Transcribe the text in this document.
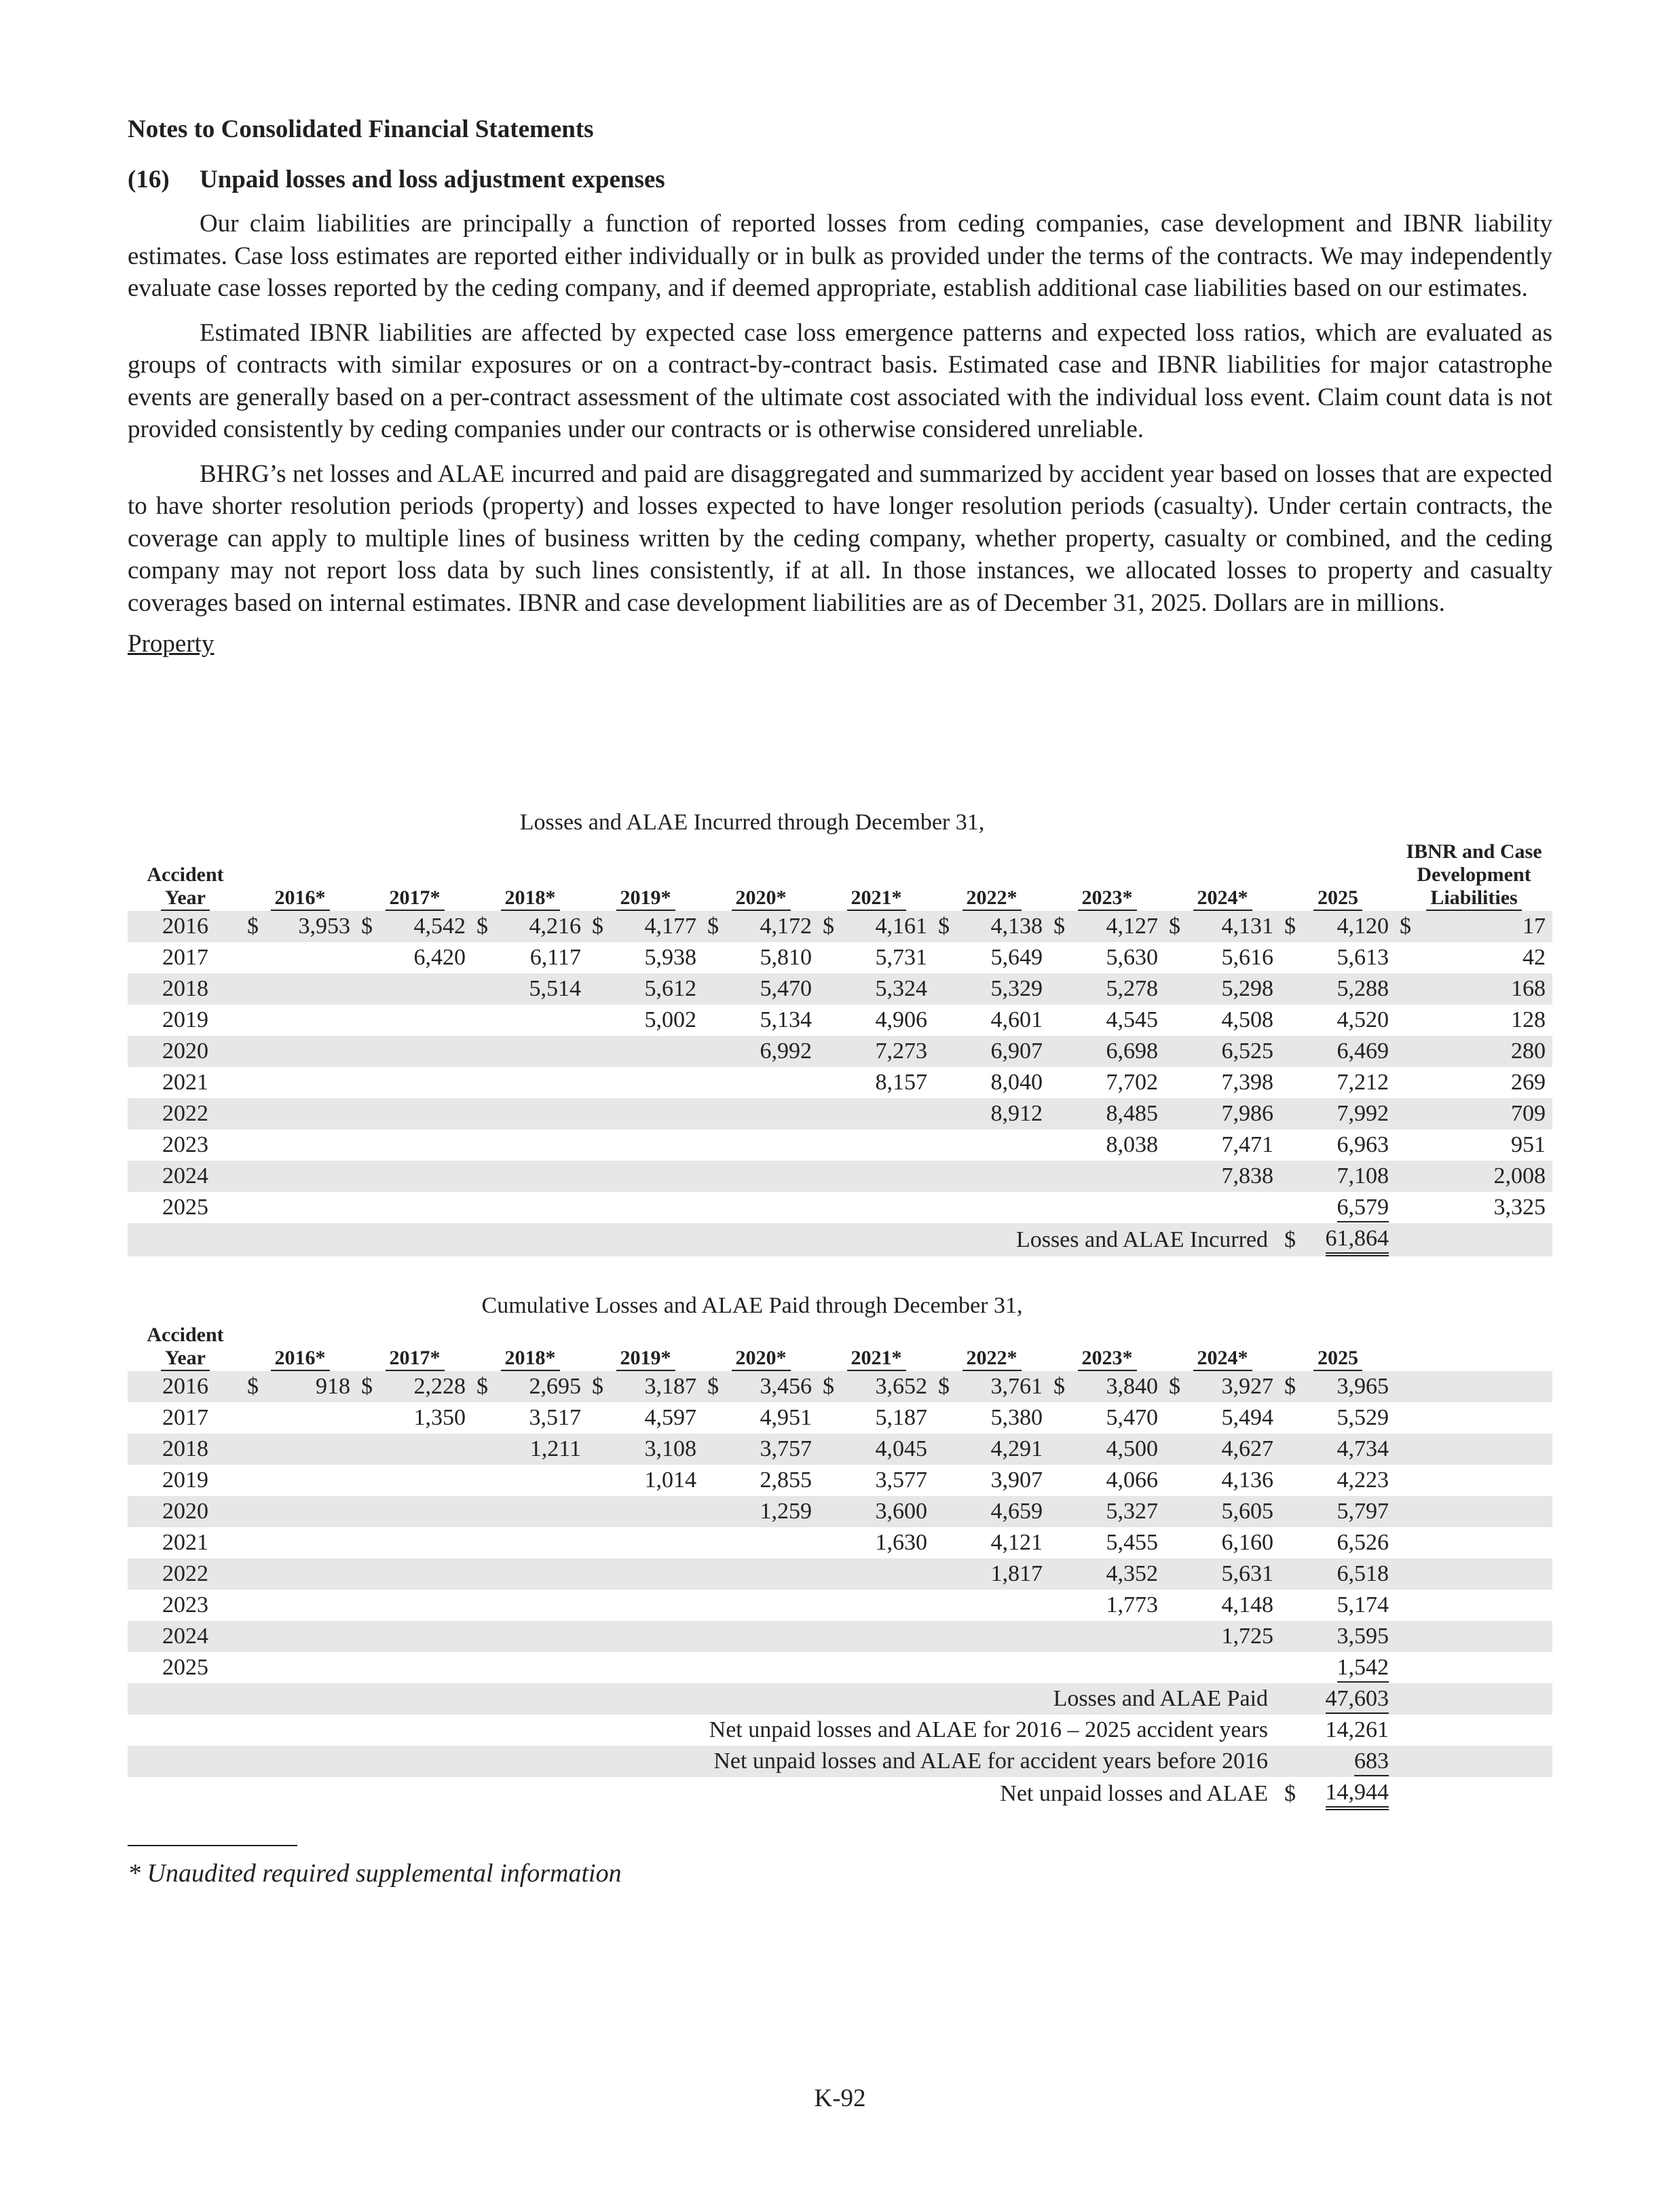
Notes to Consolidated Financial Statements

(16) Unpaid losses and loss adjustment expenses

Our claim liabilities are principally a function of reported losses from ceding companies, case development and IBNR liability estimates. Case loss estimates are reported either individually or in bulk as provided under the terms of the contracts. We may independently evaluate case losses reported by the ceding company, and if deemed appropriate, establish additional case liabilities based on our estimates.

Estimated IBNR liabilities are affected by expected case loss emergence patterns and expected loss ratios, which are evaluated as groups of contracts with similar exposures or on a contract-by-contract basis. Estimated case and IBNR liabilities for major catastrophe events are generally based on a per-contract assessment of the ultimate cost associated with the individual loss event. Claim count data is not provided consistently by ceding companies under our contracts or is otherwise considered unreliable.

BHRG’s net losses and ALAE incurred and paid are disaggregated and summarized by accident year based on losses that are expected to have shorter resolution periods (property) and losses expected to have longer resolution periods (casualty). Under certain contracts, the coverage can apply to multiple lines of business written by the ceding company, whether property, casualty or combined, and the ceding company may not report loss data by such lines consistently, if at all. In those instances, we allocated losses to property and casualty coverages based on internal estimates. IBNR and case development liabilities are as of December 31, 2025. Dollars are in millions.

Property
Losses and ALAE Incurred through December 31,
Accident
Year	2016*		2017*		2018*		2019*		2020*		2021*		2022*		2023*		2024*		2025		IBNR and Case
Development
Liabilities	
2016	$	3,953	$	4,542	$	4,216	$	4,177	$	4,172	$	4,161	$	4,138	$	4,127	$	4,131	$	4,120	$	17
2017				6,420		6,117		5,938		5,810		5,731		5,649		5,630		5,616		5,613		42
2018						5,514		5,612		5,470		5,324		5,329		5,278		5,298		5,288		168
2019								5,002		5,134		4,906		4,601		4,545		4,508		4,520		128
2020										6,992		7,273		6,907		6,698		6,525		6,469		280
2021												8,157		8,040		7,702		7,398		7,212		269
2022														8,912		8,485		7,986		7,992		709
2023																8,038		7,471		6,963		951
2024																		7,838		7,108		2,008
2025																				6,579		3,325
Losses and ALAE Incurred																			$	61,864		
Cumulative Losses and ALAE Paid through December 31,
Accident
Year	2016*		2017*		2018*		2019*		2020*		2021*		2022*		2023*		2024*		2025			
2016	$	918	$	2,228	$	2,695	$	3,187	$	3,456	$	3,652	$	3,761	$	3,840	$	3,927	$	3,965		
2017				1,350		3,517		4,597		4,951		5,187		5,380		5,470		5,494		5,529		
2018						1,211		3,108		3,757		4,045		4,291		4,500		4,627		4,734		
2019								1,014		2,855		3,577		3,907		4,066		4,136		4,223		
2020										1,259		3,600		4,659		5,327		5,605		5,797		
2021												1,630		4,121		5,455		6,160		6,526		
2022														1,817		4,352		5,631		6,518		
2023																1,773		4,148		5,174		
2024																		1,725		3,595		
2025																				1,542		
Losses and ALAE Paid																				47,603		
Net unpaid losses and ALAE for 2016 – 2025 accident years																				14,261		
Net unpaid losses and ALAE for accident years before 2016																				683		
Net unpaid losses and ALAE																			$	14,944		
* Unaudited required supplemental information
K-92
